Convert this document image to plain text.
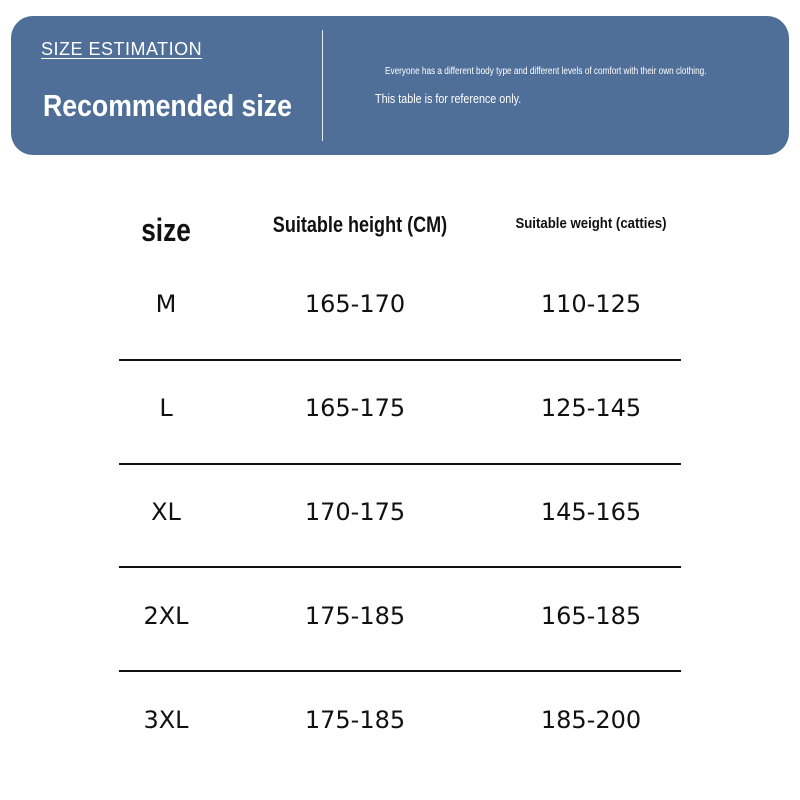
SIZE ESTIMATION
Recommended size
Everyone has a different body type and different levels of comfort with their own clothing.
This table is for reference only.
size	Suitable height (CM)	Suitable weight (catties)
M	165-170	110-125
L	165-175	125-145
XL	170-175	145-165
2XL	175-185	165-185
3XL	175-185	185-200
